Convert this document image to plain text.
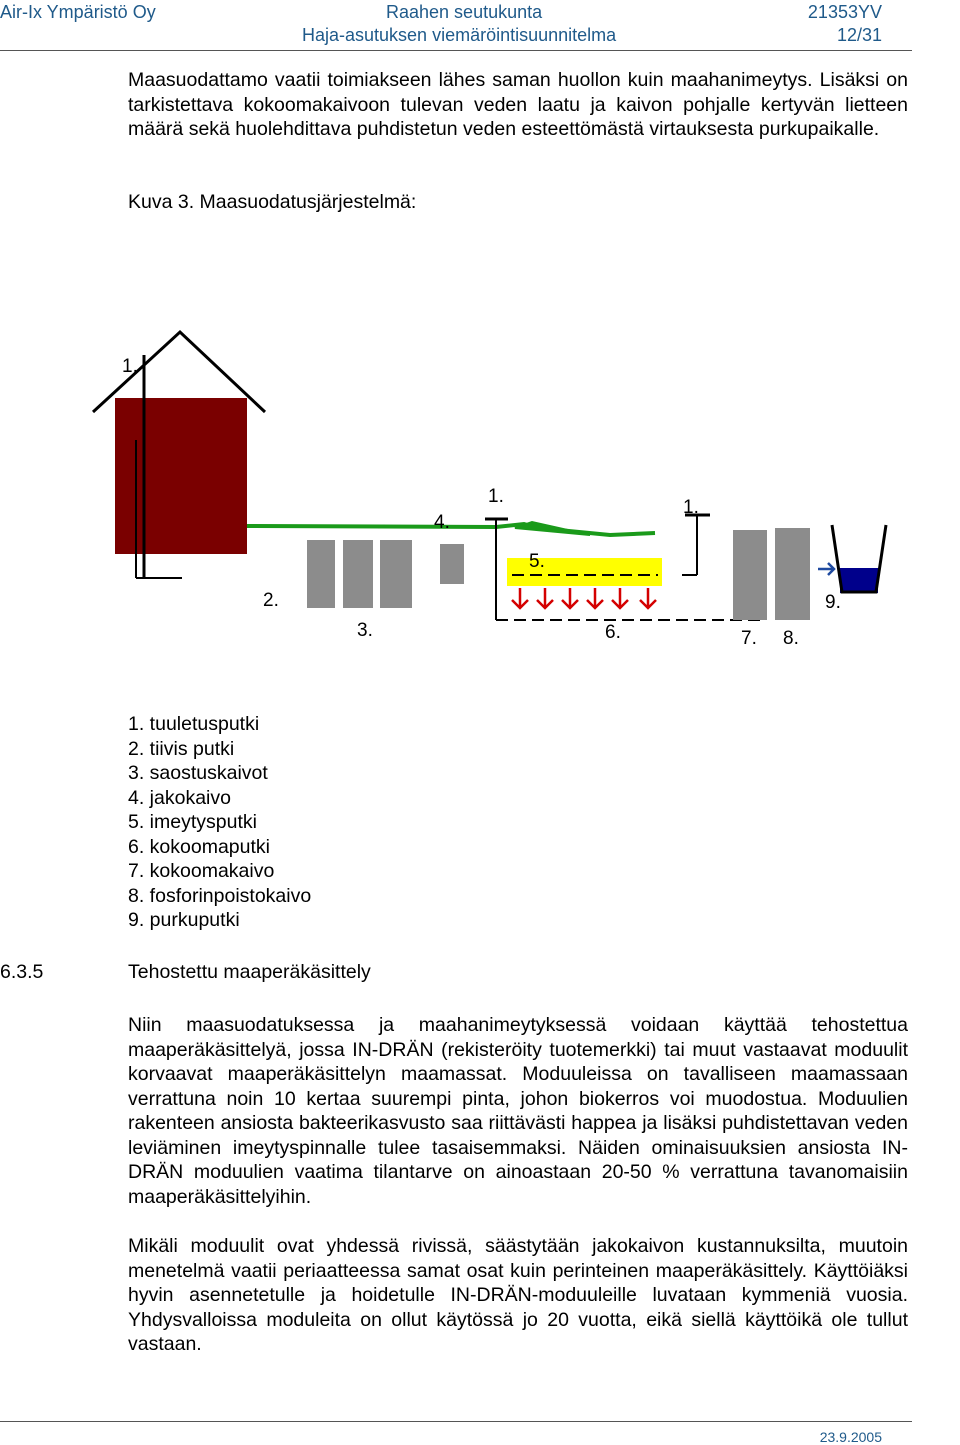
Air-Ix Ympäristö Oy	Raahen seutukunta	21353YV
Haja-asutuksen viemäröintisuunnitelma	12/31
Maasuodattamo vaatii toimiakseen lähes saman huollon kuin maahanimeytys. Lisäksi on tarkistettava kokoomakaivoon tulevan veden laatu ja kaivon pohjalle kertyvän lietteen määrä sekä huolehdittava puhdistetun veden esteettömästä virtauksesta purkupaikalle.
Kuva 3. Maasuodatusjärjestelmä:
1.
2.
3.
4.
1.
5.
6.
1.
7. 8.
9.
1. tuuletusputki
2. tiivis putki
3. saostuskaivot
4. jakokaivo
5. imeytysputki
6. kokoomaputki
7. kokoomakaivo
8. fosforinpoistokaivo
9. purkuputki
6.3.5	Tehostettu maaperäkäsittely
Niin maasuodatuksessa ja maahanimeytyksessä voidaan käyttää tehostettua maaperäkäsittelyä, jossa IN-DRÄN (rekisteröity tuotemerkki) tai muut vastaavat moduulit korvaavat maaperäkäsittelyn maamassat. Moduuleissa on tavalliseen maamassaan verrattuna noin 10 kertaa suurempi pinta, johon biokerros voi muodostua. Moduulien rakenteen ansiosta bakteerikasvusto saa riittävästi happea ja lisäksi puhdistettavan veden leviäminen imeytyspinnalle tulee tasaisemmaksi. Näiden ominaisuuksien ansiosta IN-DRÄN moduulien vaatima tilantarve on ainoastaan 20-50 % verrattuna tavanomaisiin maaperäkäsittelyihin.
Mikäli moduulit ovat yhdessä rivissä, säästytään jakokaivon kustannuksilta, muutoin menetelmä vaatii periaatteessa samat osat kuin perinteinen maaperäkäsittely. Käyttöiäksi hyvin asennetetulle ja hoidetulle IN-DRÄN-moduuleille luvataan kymmeniä vuosia. Yhdysvalloissa moduleita on ollut käytössä jo 20 vuotta, eikä siellä käyttöikä ole tullut vastaan.
23.9.2005
